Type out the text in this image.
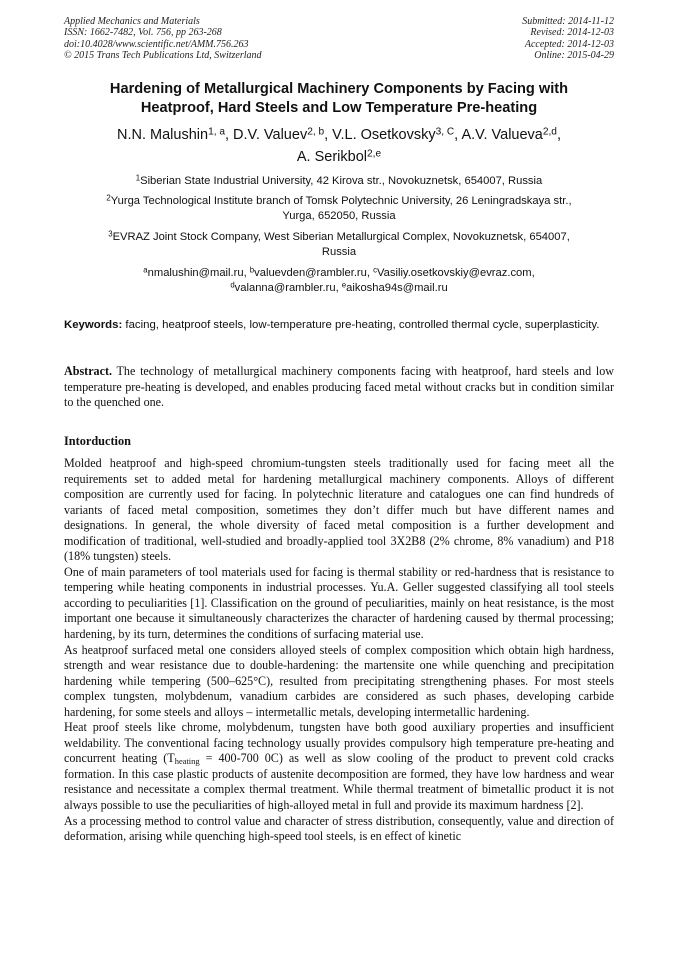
Applied Mechanics and Materials
ISSN: 1662-7482, Vol. 756, pp 263-268
doi:10.4028/www.scientific.net/AMM.756.263
© 2015 Trans Tech Publications Ltd, Switzerland
Submitted: 2014-11-12
Revised: 2014-12-03
Accepted: 2014-12-03
Online: 2015-04-29
Hardening of Metallurgical Machinery Components by Facing with
Heatproof, Hard Steels and Low Temperature Pre-heating
N.N. Malushin$^{1, a}$, D.V. Valuev$^{2, b}$, V.L. Osetkovsky$^{3, C}$, A.V. Valueva$^{2,d}$,
A. Serikbol$^{2,e}$
$^1$Siberian State Industrial University, 42 Kirova str., Novokuznetsk, 654007, Russia
$^2$Yurga Technological Institute branch of Tomsk Polytechnic University, 26 Leningradskaya str.,
Yurga, 652050, Russia
$^3$EVRAZ Joint Stock Company, West Siberian Metallurgical Complex, Novokuznetsk, 654007,
Russia
$^a$nmalushin@mail.ru, $^b$valuevden@rambler.ru, $^c$Vasiliy.osetkovskiy@evraz.com,
$^d$valanna@rambler.ru, $^e$aikosha94s@mail.ru
Keywords: facing, heatproof steels, low-temperature pre-heating, controlled thermal cycle, superplasticity.
Abstract. The technology of metallurgical machinery components facing with heatproof, hard steels and low temperature pre-heating is developed, and enables producing faced metal without cracks but in condition similar to the quenched one.
Intorduction

Molded heatproof and high-speed chromium-tungsten steels traditionally used for facing meet all the requirements set to added metal for hardening metallurgical machinery components. Alloys of different composition are currently used for facing. In polytechnic literature and catalogues one can find hundreds of variants of faced metal composition, sometimes they don’t differ much but have different names and designations. In general, the whole diversity of faced metal composition is a further development and modification of traditional, well-studied and broadly-applied tool 3X2B8 (2% chrome, 8% vanadium) and P18 (18% tungsten) steels.

One of main parameters of tool materials used for facing is thermal stability or red-hardness that is resistance to tempering while heating components in industrial processes. Yu.A. Geller suggested classifying all tool steels according to peculiarities [1]. Classification on the ground of peculiarities, mainly on heat resistance, is the most important one because it simultaneously characterizes the character of hardening caused by thermal processing; hardening, by its turn, determines the conditions of surfacing material use.

As heatproof surfaced metal one considers alloyed steels of complex composition which obtain high hardness, strength and wear resistance due to double-hardening: the martensite one while quenching and precipitation hardening while tempering (500–625°C), resulted from precipitating strengthening phases. For most steels complex tungsten, molybdenum, vanadium carbides are considered as such phases, developing carbide hardening, for some steels and alloys – intermetallic metals, developing intermetallic hardening.

Heat proof steels like chrome, molybdenum, tungsten have both good auxiliary properties and insufficient weldability. The conventional facing technology usually provides compulsory high temperature pre-heating and concurrent heating ($T_{heating} = 400-700$ 0C) as well as slow cooling of the product to prevent cold cracks formation. In this case plastic products of austenite decomposition are formed, they have low hardness and wear resistance and necessitate a complex thermal treatment. While thermal treatment of bimetallic product it is not always possible to use the peculiarities of high-alloyed metal in full and provide its maximum hardness [2].

As a processing method to control value and character of stress distribution, consequently, value and direction of deformation, arising while quenching high-speed tool steels, is en effect of kinetic
